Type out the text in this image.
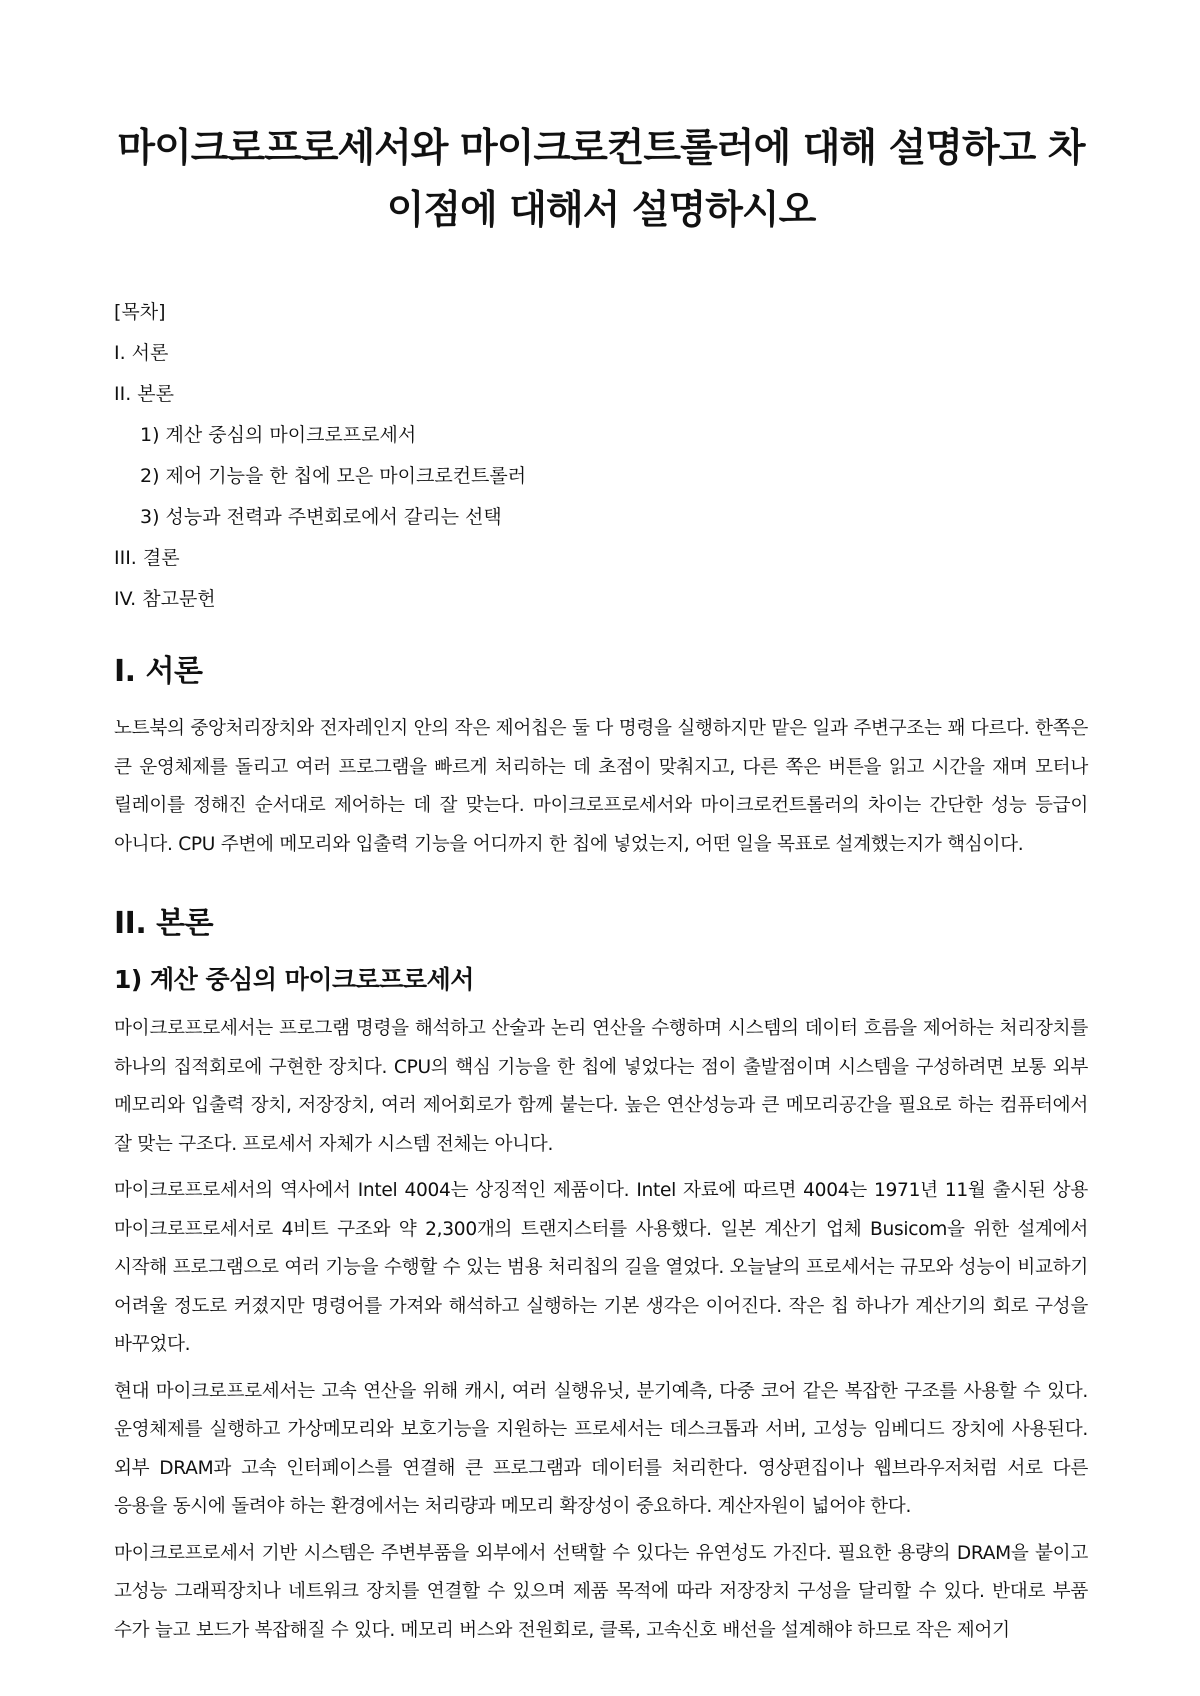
마이크로프로세서와 마이크로컨트롤러에 대해 설명하고 차이점에 대해서 설명하시오

[목차]

I. 서론
II. 본론
1) 계산 중심의 마이크로프로세서
2) 제어 기능을 한 칩에 모은 마이크로컨트롤러
3) 성능과 전력과 주변회로에서 갈리는 선택
III. 결론
IV. 참고문헌
I. 서론

노트북의 중앙처리장치와 전자레인지 안의 작은 제어칩은 둘 다 명령을 실행하지만 맡은 일과 주변구조는 꽤 다르다. 한쪽은 큰 운영체제를 돌리고 여러 프로그램을 빠르게 처리하는 데 초점이 맞춰지고, 다른 쪽은 버튼을 읽고 시간을 재며 모터나 릴레이를 정해진 순서대로 제어하는 데 잘 맞는다. 마이크로프로세서와 마이크로컨트롤러의 차이는 간단한 성능 등급이 아니다. CPU 주변에 메모리와 입출력 기능을 어디까지 한 칩에 넣었는지, 어떤 일을 목표로 설계했는지가 핵심이다.

II. 본론
1) 계산 중심의 마이크로프로세서

마이크로프로세서는 프로그램 명령을 해석하고 산술과 논리 연산을 수행하며 시스템의 데이터 흐름을 제어하는 처리장치를 하나의 집적회로에 구현한 장치다. CPU의 핵심 기능을 한 칩에 넣었다는 점이 출발점이며 시스템을 구성하려면 보통 외부 메모리와 입출력 장치, 저장장치, 여러 제어회로가 함께 붙는다. 높은 연산성능과 큰 메모리공간을 필요로 하는 컴퓨터에서 잘 맞는 구조다. 프로세서 자체가 시스템 전체는 아니다.

마이크로프로세서의 역사에서 Intel 4004는 상징적인 제품이다. Intel 자료에 따르면 4004는 1971년 11월 출시된 상용 마이크로프로세서로 4비트 구조와 약 2,300개의 트랜지스터를 사용했다. 일본 계산기 업체 Busicom을 위한 설계에서 시작해 프로그램으로 여러 기능을 수행할 수 있는 범용 처리칩의 길을 열었다. 오늘날의 프로세서는 규모와 성능이 비교하기 어려울 정도로 커졌지만 명령어를 가져와 해석하고 실행하는 기본 생각은 이어진다. 작은 칩 하나가 계산기의 회로 구성을 바꾸었다.

현대 마이크로프로세서는 고속 연산을 위해 캐시, 여러 실행유닛, 분기예측, 다중 코어 같은 복잡한 구조를 사용할 수 있다. 운영체제를 실행하고 가상메모리와 보호기능을 지원하는 프로세서는 데스크톱과 서버, 고성능 임베디드 장치에 사용된다. 외부 DRAM과 고속 인터페이스를 연결해 큰 프로그램과 데이터를 처리한다. 영상편집이나 웹브라우저처럼 서로 다른 응용을 동시에 돌려야 하는 환경에서는 처리량과 메모리 확장성이 중요하다. 계산자원이 넓어야 한다.

마이크로프로세서 기반 시스템은 주변부품을 외부에서 선택할 수 있다는 유연성도 가진다. 필요한 용량의 DRAM을 붙이고 고성능 그래픽장치나 네트워크 장치를 연결할 수 있으며 제품 목적에 따라 저장장치 구성을 달리할 수 있다. 반대로 부품 수가 늘고 보드가 복잡해질 수 있다. 메모리 버스와 전원회로, 클록, 고속신호 배선을 설계해야 하므로 작은 제어기
